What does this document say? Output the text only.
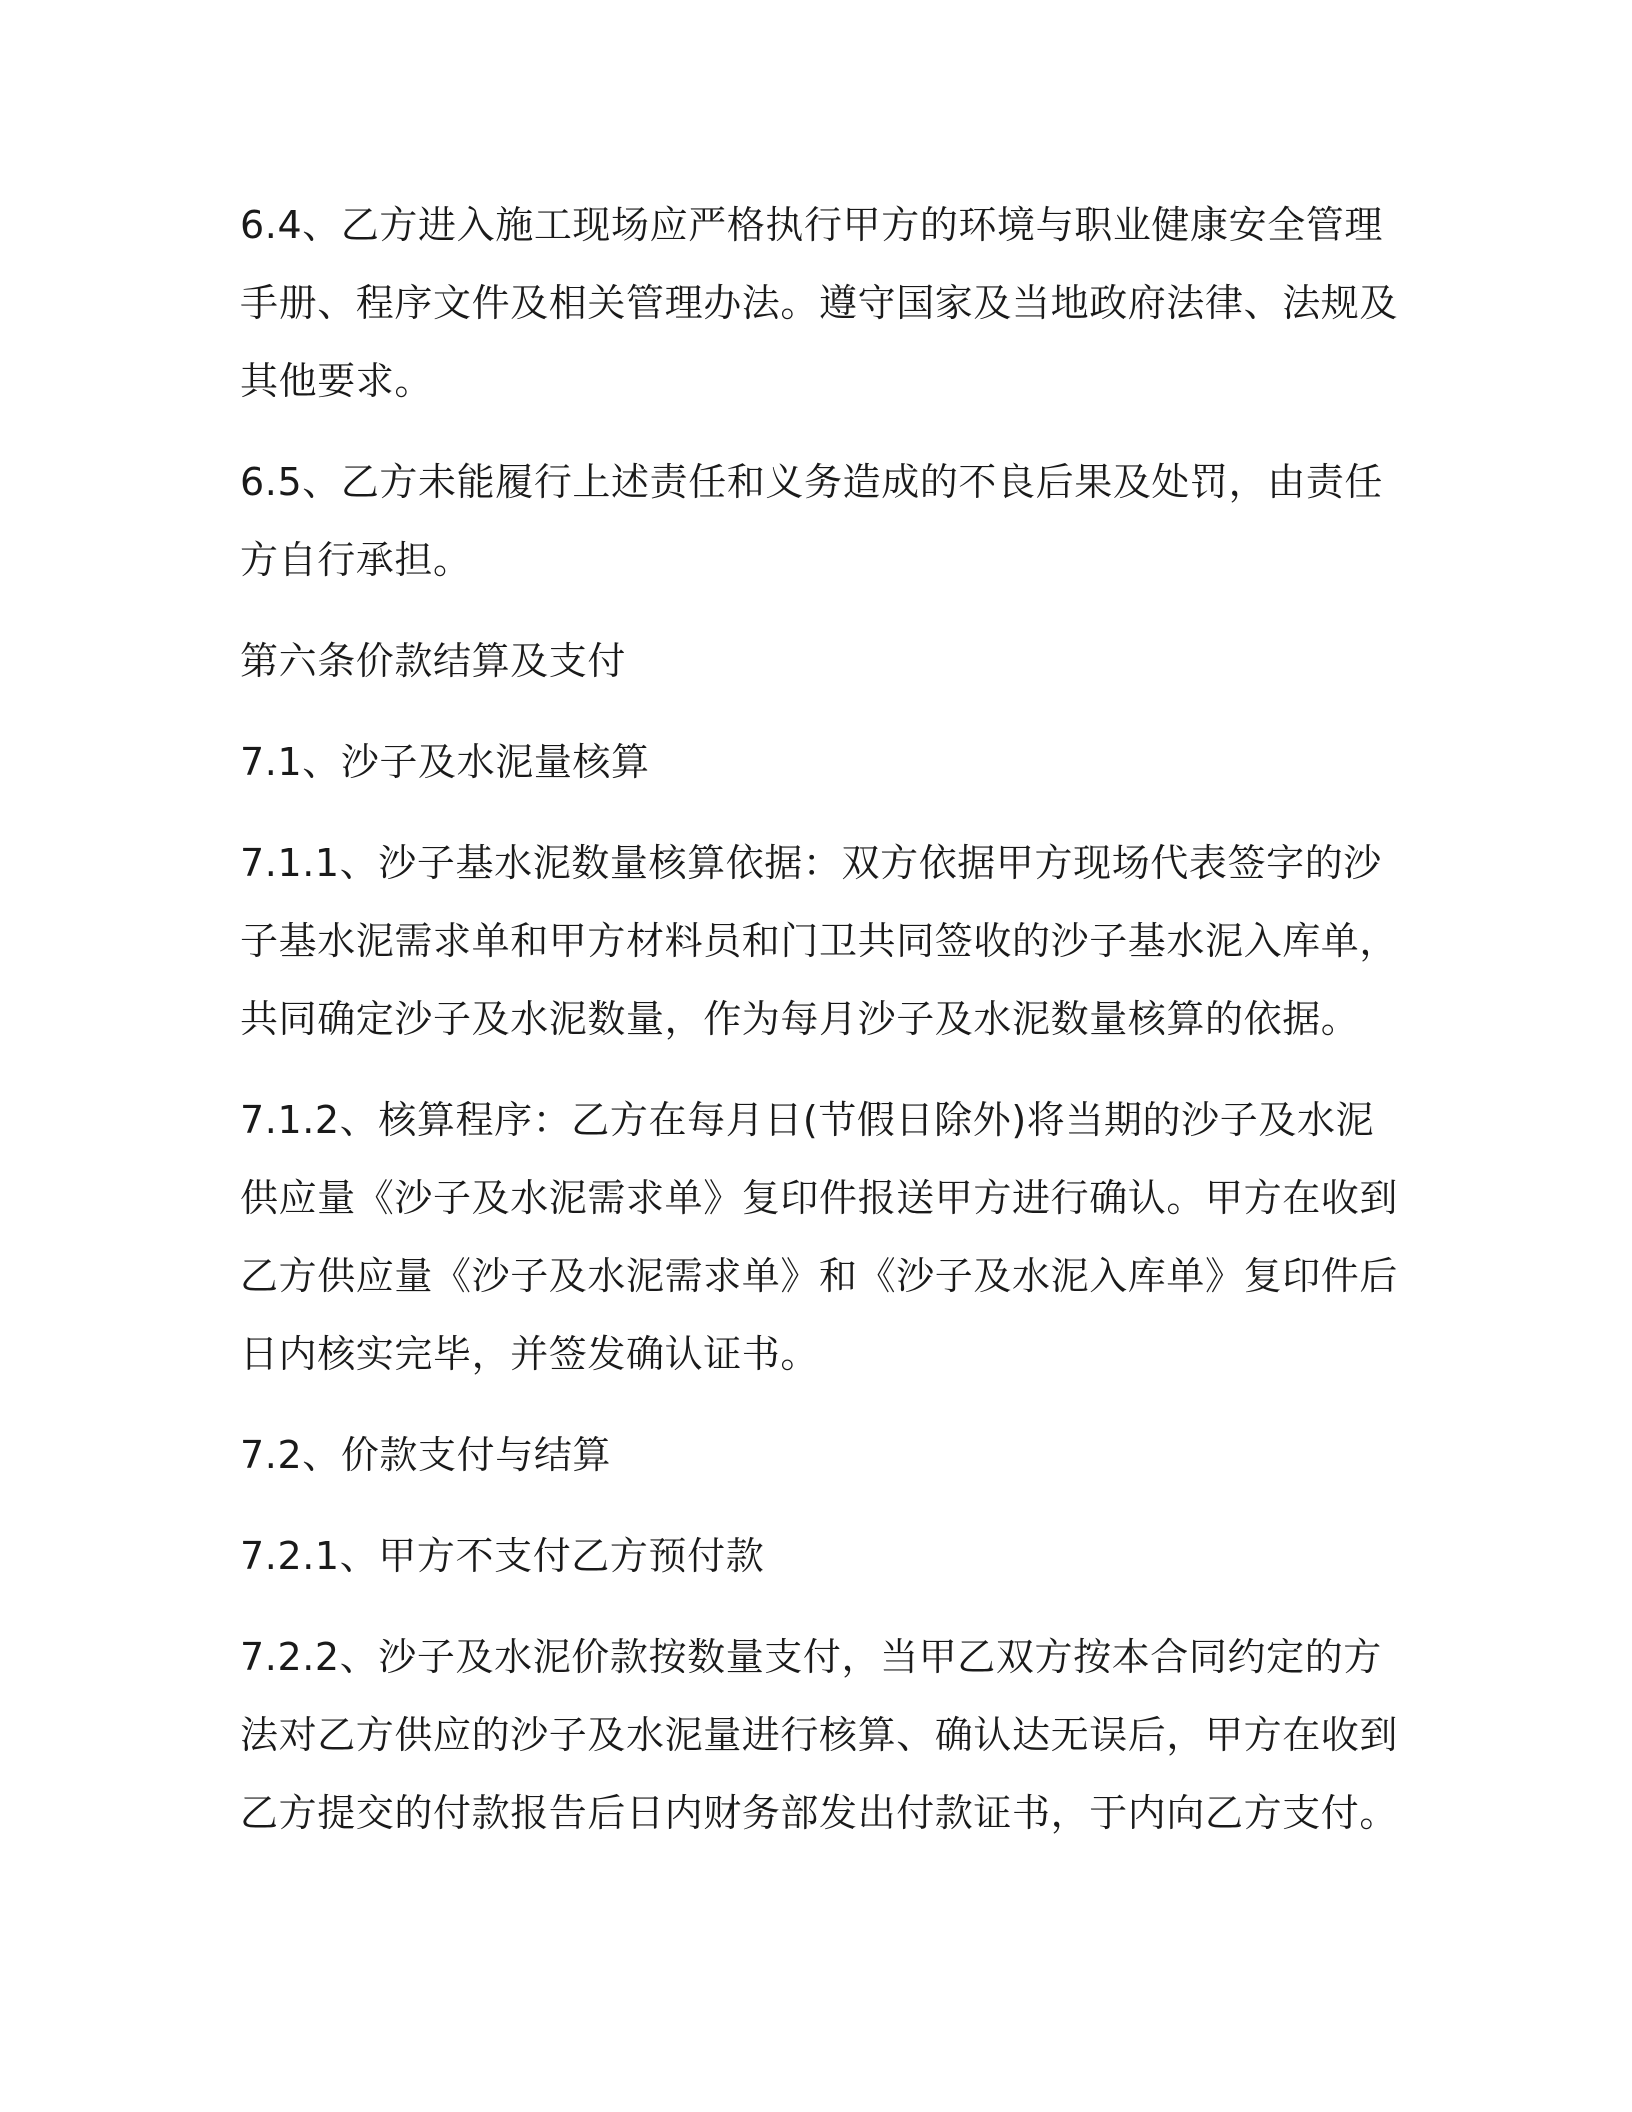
6.4、乙方进入施工现场应严格执行甲方的环境与职业健康安全管理手册、程序文件及相关管理办法。遵守国家及当地政府法律、法规及其他要求。

6.5、乙方未能履行上述责任和义务造成的不良后果及处罚，由责任方自行承担。

第六条价款结算及支付

7.1、沙子及水泥量核算

7.1.1、沙子基水泥数量核算依据：双方依据甲方现场代表签字的沙子基水泥需求单和甲方材料员和门卫共同签收的沙子基水泥入库单，共同确定沙子及水泥数量，作为每月沙子及水泥数量核算的依据。

7.1.2、核算程序：乙方在每月日(节假日除外)将当期的沙子及水泥供应量《沙子及水泥需求单》复印件报送甲方进行确认。甲方在收到乙方供应量《沙子及水泥需求单》和《沙子及水泥入库单》复印件后日内核实完毕，并签发确认证书。

7.2、价款支付与结算

7.2.1、甲方不支付乙方预付款

7.2.2、沙子及水泥价款按数量支付，当甲乙双方按本合同约定的方法对乙方供应的沙子及水泥量进行核算、确认达无误后，甲方在收到乙方提交的付款报告后日内财务部发出付款证书，于内向乙方支付。
